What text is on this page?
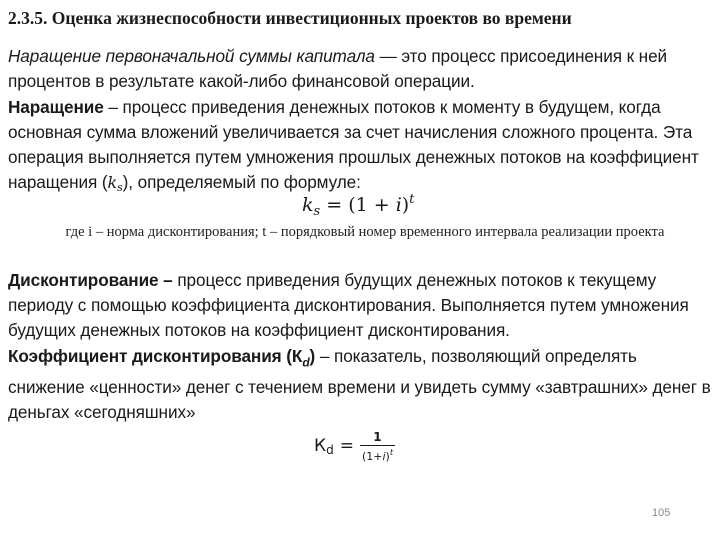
2.3.5. Оценка жизнеспособности инвестиционных проектов во времени
Наращение первоначальной суммы капитала — это процесс присоединения к ней процентов в результате какой-либо финансовой операции.
Наращение – процесс приведения денежных потоков к моменту в будущем, когда основная сумма вложений увеличивается за счет начисления сложного процента. Эта операция выполняется путем умножения прошлых денежных потоков на коэффициент наращения $(k_s)$, определяемый по формуле:
$k_s = (1 + i)^t$
где i – норма дисконтирования; t – порядковый номер временного интервала реализации проекта
Дисконтирование – процесс приведения будущих денежных потоков к текущему периоду с помощью коэффициента дисконтирования. Выполняется путем умножения будущих денежных потоков на коэффициент дисконтирования.
Коэффициент дисконтирования $(К_d)$ – показатель, позволяющий определять снижение «ценности» денег с течением времени и увидеть сумму «завтрашних» денег в деньгах «сегодняшних»
$К_d = \frac{1}{(1+i)^t}$
105
